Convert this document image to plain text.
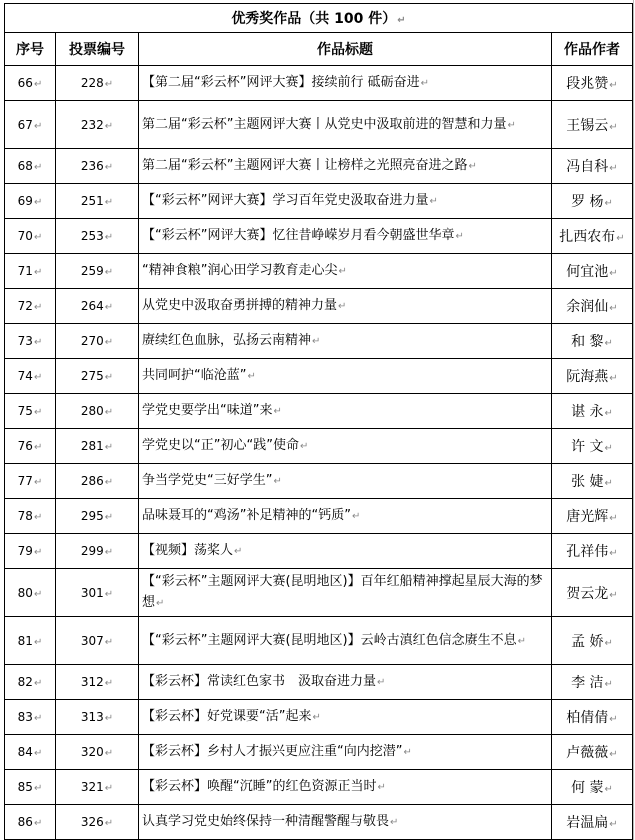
优秀奖作品（共 100 件）↵			
序号	投票编号	作品标题	作品作者
66↵	228↵	【第二届“彩云杯”网评大赛】接续前行 砥砺奋进↵	段兆赞↵
67↵	232↵	第二届“彩云杯”主题网评大赛丨从党史中汲取前进的智慧和力量↵	王锡云↵
68↵	236↵	第二届“彩云杯”主题网评大赛丨让榜样之光照亮奋进之路↵	冯自科↵
69↵	251↵	【“彩云杯”网评大赛】学习百年党史汲取奋进力量↵	罗 杨↵
70↵	253↵	【“彩云杯”网评大赛】忆往昔峥嵘岁月看今朝盛世华章↵	扎西农布↵
71↵	259↵	“精神食粮”润心田学习教育走心尖↵	何宜池↵
72↵	264↵	从党史中汲取奋勇拼搏的精神力量↵	余润仙↵
73↵	270↵	赓续红色血脉，弘扬云南精神↵	和 黎↵
74↵	275↵	共同呵护“临沧蓝”↵	阮海燕↵
75↵	280↵	学党史要学出“味道”来↵	谌 永↵
76↵	281↵	学党史以“正”初心“践”使命↵	许 文↵
77↵	286↵	争当学党史“三好学生”↵	张 婕↵
78↵	295↵	品味聂耳的“鸡汤”补足精神的“钙质”↵	唐光辉↵
79↵	299↵	【视频】荡桨人↵	孔祥伟↵
80↵	301↵	【“彩云杯”主题网评大赛(昆明地区)】百年红船精神撑起星辰大海的梦想↵	贺云龙↵
81↵	307↵	【“彩云杯”主题网评大赛(昆明地区)】云岭古滇红色信念赓生不息↵	孟 娇↵
82↵	312↵	【彩云杯】常读红色家书　汲取奋进力量↵	李 洁↵
83↵	313↵	【彩云杯】好党课要“活”起来↵	柏倩倩↵
84↵	320↵	【彩云杯】乡村人才振兴更应注重“向内挖潜”↵	卢薇薇↵
85↵	321↵	【彩云杯】唤醒“沉睡”的红色资源正当时↵	何 蒙↵
86↵	326↵	认真学习党史始终保持一种清醒警醒与敬畏↵	岩温扁↵
